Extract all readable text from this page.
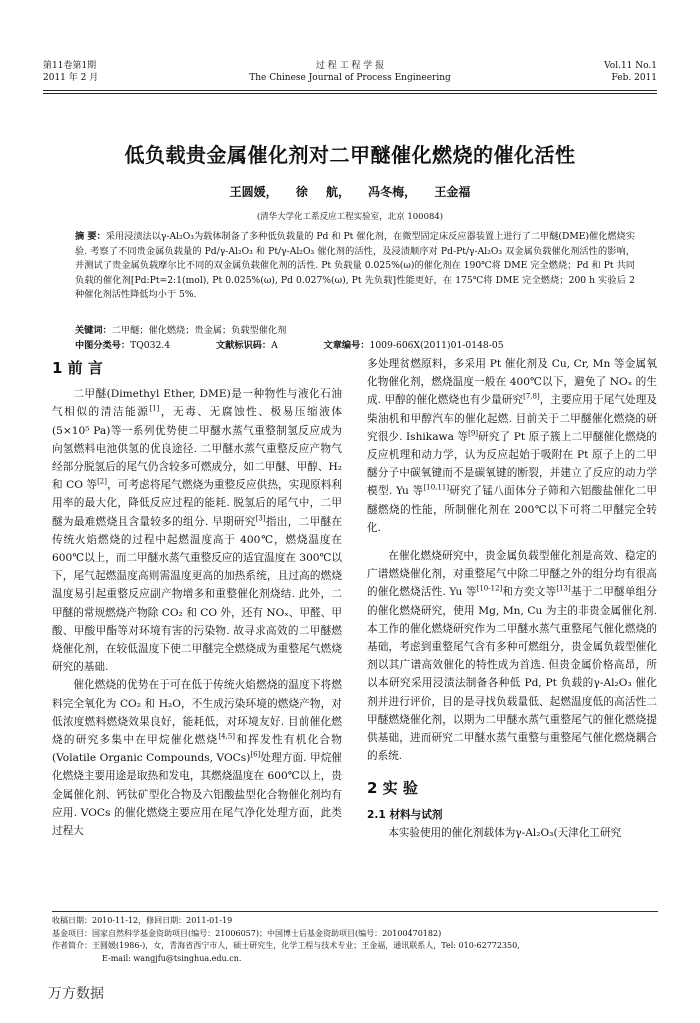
第11卷第1期
2011 年 2 月
过 程 工 程 学 报
The Chinese Journal of Process Engineering
Vol.11 No.1
Feb. 2011
低负载贵金属催化剂对二甲醚催化燃烧的催化活性
王圆媛， 徐 航， 冯冬梅， 王金福
(清华大学化工系反应工程实验室，北京 100084)
摘 要：采用浸渍法以γ-Al₂O₃为载体制备了多种低负载量的 Pd 和 Pt 催化剂，在微型固定床反应器装置上进行了二甲醚(DME)催化燃烧实验. 考察了不同贵金属负载量的 Pd/γ-Al₂O₃ 和 Pt/γ-Al₂O₃ 催化剂的活性，及浸渍顺序对 Pd-Pt/γ-Al₂O₃ 双金属负载催化剂活性的影响，并测试了贵金属负载摩尔比不同的双金属负载催化剂的活性. Pt 负载量 0.025%(ω)的催化剂在 190℃将 DME 完全燃烧；Pd 和 Pt 共同负载的催化剂[Pd:Pt=2:1(mol), Pt 0.025%(ω), Pd 0.027%(ω), Pt 先负载]性能更好，在 175℃将 DME 完全燃烧；200 h 实验后 2 种催化剂活性降低均小于 5%.
关键词：二甲醚；催化燃烧；贵金属；负载型催化剂
中图分类号：TQ032.4	文献标识码：A	文章编号：1009-606X(2011)01-0148-05
1 前 言

二甲醚(Dimethyl Ether, DME)是一种物性与液化石油气相似的清洁能源[1]，无毒、无腐蚀性、极易压缩液体(5×10⁵ Pa)等一系列优势使二甲醚水蒸气重整制氢反应成为向氢燃料电池供氢的优良途径. 二甲醚水蒸气重整反应产物气经部分脱氢后的尾气仍含较多可燃成分，如二甲醚、甲醇、H₂和 CO 等[2]，可考虑将尾气燃烧为重整反应供热，实现原料利用率的最大化，降低反应过程的能耗. 脱氢后的尾气中，二甲醚为最难燃烧且含量较多的组分. 早期研究[3]指出，二甲醚在传统火焰燃烧的过程中起燃温度高于 400℃，燃烧温度在 600℃以上，而二甲醚水蒸气重整反应的适宜温度在 300℃以下，尾气起燃温度高则需温度更高的加热系统，且过高的燃烧温度易引起重整反应副产物增多和重整催化剂烧结. 此外，二甲醚的常规燃烧产物除 CO₂ 和 CO 外，还有 NOₓ、甲醛、甲酸、甲酸甲酯等对环境有害的污染物. 故寻求高效的二甲醚燃烧催化剂，在较低温度下使二甲醚完全燃烧成为重整尾气燃烧研究的基础.

催化燃烧的优势在于可在低于传统火焰燃烧的温度下将燃料完全氧化为 CO₂ 和 H₂O，不生成污染环境的燃烧产物，对低浓度燃料燃烧效果良好，能耗低，对环境友好. 目前催化燃烧的研究多集中在甲烷催化燃烧[4,5]和挥发性有机化合物(Volatile Organic Compounds, VOCs)[6]处理方面. 甲烷催化燃烧主要用途是取热和发电，其燃烧温度在 600℃以上，贵金属催化剂、钙钛矿型化合物及六铝酸盐型化合物催化剂均有应用. VOCs 的催化燃烧主要应用在尾气净化处理方面，此类过程大

多处理贫燃原料，多采用 Pt 催化剂及 Cu, Cr, Mn 等金属氧化物催化剂，燃烧温度一般在 400℃以下，避免了 NOₓ 的生成. 甲醇的催化燃烧也有少量研究[7,8]，主要应用于尾气处理及柴油机和甲醇汽车的催化起燃. 目前关于二甲醚催化燃烧的研究很少. Ishikawa 等[9]研究了 Pt 原子簇上二甲醚催化燃烧的反应机理和动力学，认为反应起始于吸附在 Pt 原子上的二甲醚分子中碳氧键而不是碳氧键的断裂，并建立了反应的动力学模型. Yu 等[10,11]研究了锰八面体分子筛和六铝酸盐催化二甲醚燃烧的性能，所制催化剂在 200℃以下可将二甲醚完全转化.

在催化燃烧研究中，贵金属负载型催化剂是高效、稳定的广谱燃烧催化剂，对重整尾气中除二甲醚之外的组分均有很高的催化燃烧活性. Yu 等[10-12]和方奕文等[13]基于二甲醚单组分的催化燃烧研究，使用 Mg, Mn, Cu 为主的非贵金属催化剂. 本工作的催化燃烧研究作为二甲醚水蒸气重整尾气催化燃烧的基础，考虑到重整尾气含有多种可燃组分，贵金属负载型催化剂以其广谱高效催化的特性成为首选. 但贵金属价格高昂，所以本研究采用浸渍法制备各种低 Pd, Pt 负载的γ-Al₂O₃ 催化剂并进行评价，目的是寻找负载量低、起燃温度低的高活性二甲醚燃烧催化剂，以期为二甲醚水蒸气重整尾气的催化燃烧提供基础，进而研究二甲醚水蒸气重整与重整尾气催化燃烧耦合的系统.

2 实 验
2.1 材料与试剂

本实验使用的催化剂载体为γ-Al₂O₃(天津化工研究

收稿日期：2010-11-12，修回日期：2011-01-19
基金项目：国家自然科学基金资助项目(编号：21006057)；中国博士后基金资助项目(编号：20100470182)
作者简介：王圆媛(1986-)，女，青海省西宁市人，硕士研究生，化学工程与技术专业；王金福，通讯联系人，Tel: 010-62772350,
E-mail: wangjfu@tsinghua.edu.cn.
万方数据
